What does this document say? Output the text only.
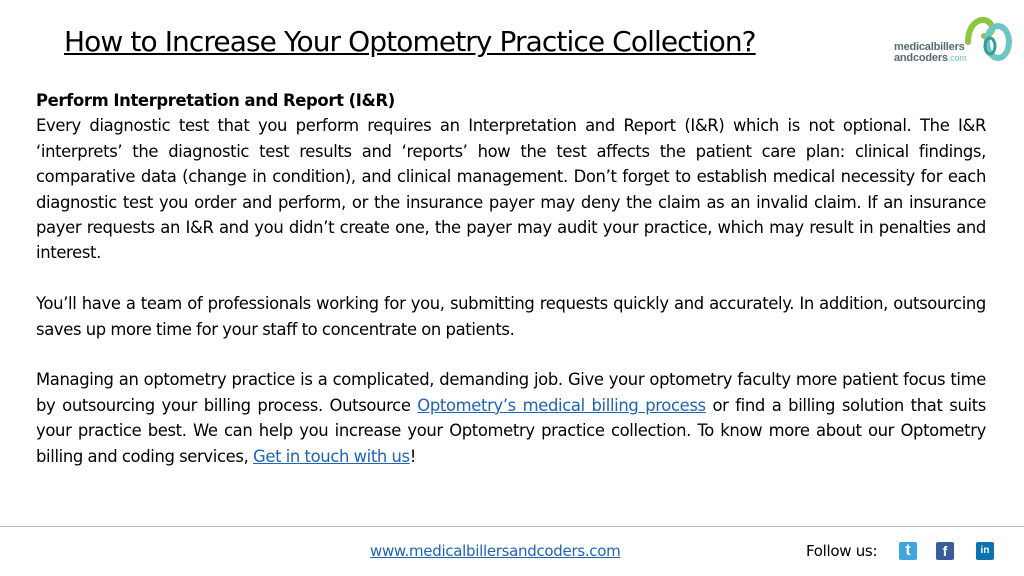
How to Increase Your Optometry Practice Collection?	medicalbillers
andcoders.com

Perform Interpretation and Report (I&R)

Every diagnostic test that you perform requires an Interpretation and Report (I&R) which is not optional. The I&R ‘interprets’ the diagnostic test results and ‘reports’ how the test affects the patient care plan: clinical findings, comparative data (change in condition), and clinical management. Don’t forget to establish medical necessity for each diagnostic test you order and perform, or the insurance payer may deny the claim as an invalid claim. If an insurance payer requests an I&R and you didn’t create one, the payer may audit your practice, which may result in penalties and interest.

You’ll have a team of professionals working for you, submitting requests quickly and accurately. In addition, outsourcing saves up more time for your staff to concentrate on patients.

Managing an optometry practice is a complicated, demanding job. Give your optometry faculty more patient focus time by outsourcing your billing process. Outsource Optometry’s medical billing process or find a billing solution that suits your practice best. We can help you increase your Optometry practice collection. To know more about our Optometry billing and coding services, Get in touch with us!

www.medicalbillersandcoders.com	Follow us:	t	f	in
